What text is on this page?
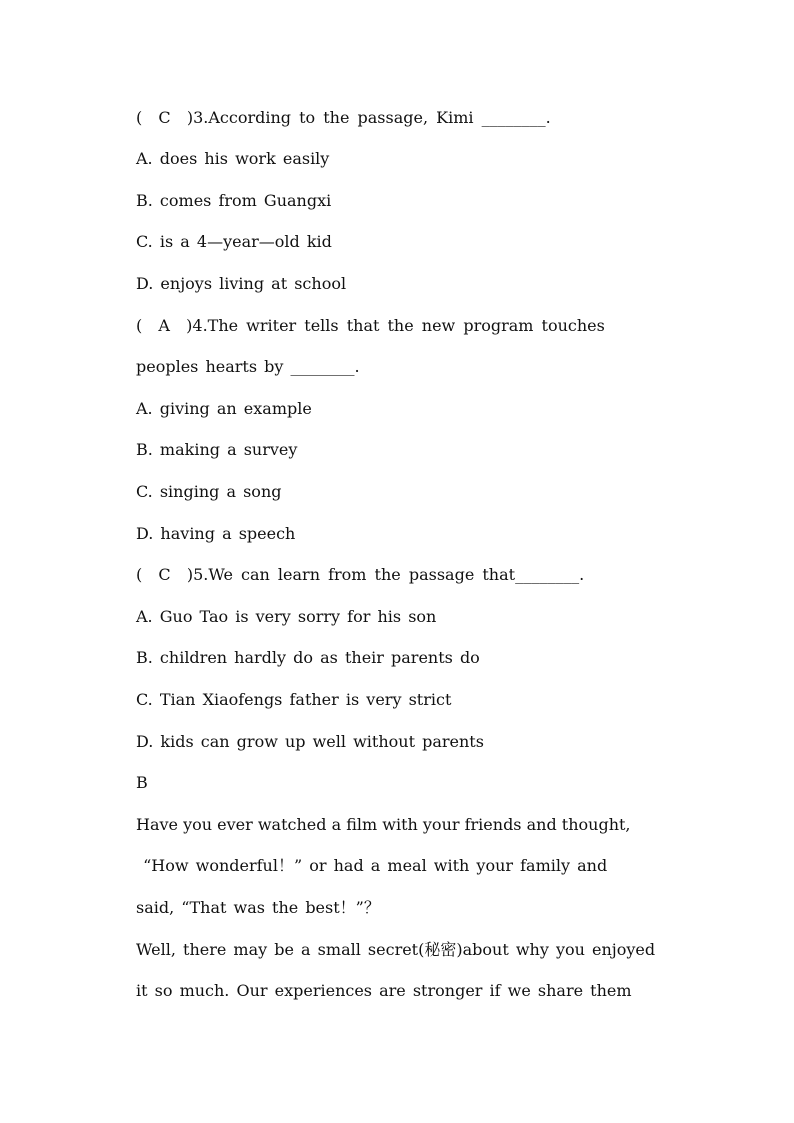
(  C  )3.According to the passage, Kimi ________.
A. does his work easily
B. comes from Guangxi
C. is a 4—year—old kid
D. enjoys living at school
(  A  )4.The writer tells that the new program touches
peoples hearts by ________.
A. giving an example
B. making a survey
C. singing a song
D. having a speech
(  C  )5.We can learn from the passage that________.
A. Guo Tao is very sorry for his son
B. children hardly do as their parents do
C. Tian Xiaofengs father is very strict
D. kids can grow up well without parents
B
Have you ever watched a film with your friends and thought,
“How wonderful！” or had a meal with your family and
said, “That was the best！”？
Well, there may be a small secret(秘密)about why you enjoyed
it so much. Our experiences are stronger if we share them
